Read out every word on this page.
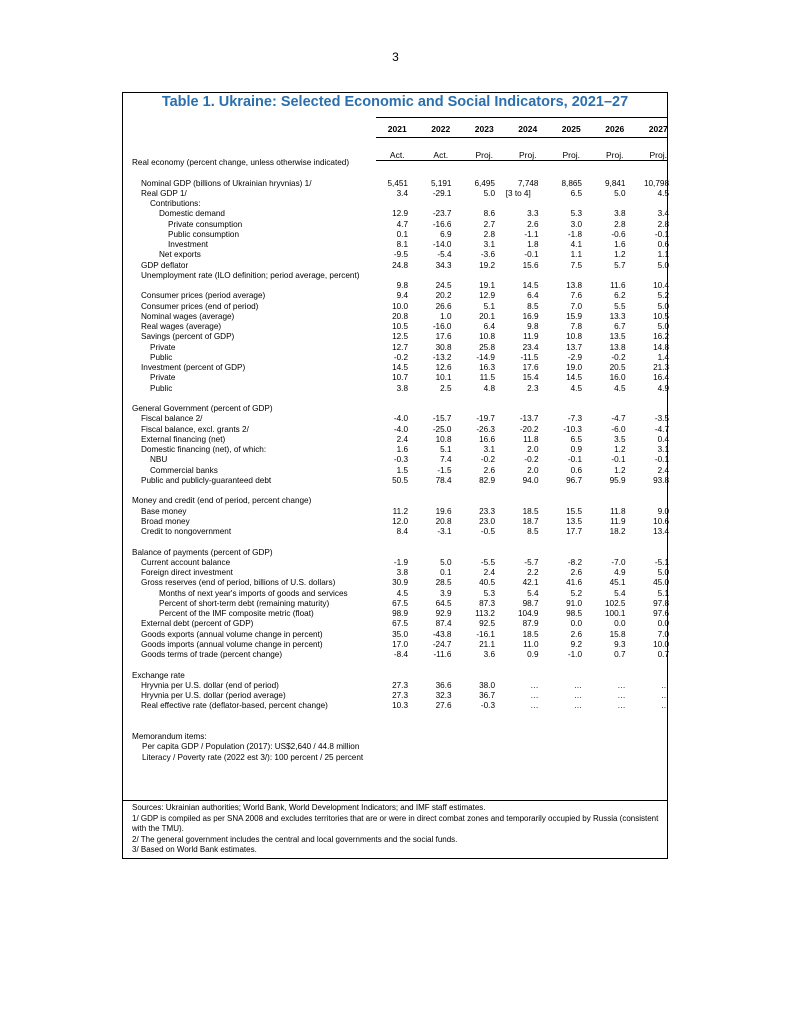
3
Table 1. Ukraine: Selected Economic and Social Indicators, 2021–27
2021	2022	2023	2024	2025	2026	2027
Act.	Act.	Proj.	Proj.	Proj.	Proj.	Proj.
Real economy (percent change, unless otherwise indicated)
Nominal GDP (billions of Ukrainian hryvnias) 1/	5,451	5,191	6,495	7,748	8,865	9,841	10,798
Real GDP 1/	3.4	-29.1	5.0	[3 to 4]	6.5	5.0	4.5
Contributions:
Domestic demand	12.9	-23.7	8.6	3.3	5.3	3.8	3.4
Private consumption	4.7	-16.6	2.7	2.6	3.0	2.8	2.8
Public consumption	0.1	6.9	2.8	-1.1	-1.8	-0.6	-0.1
Investment	8.1	-14.0	3.1	1.8	4.1	1.6	0.6
Net exports	-9.5	-5.4	-3.6	-0.1	1.1	1.2	1.1
GDP deflator	24.8	34.3	19.2	15.6	7.5	5.7	5.0
Unemployment rate (ILO definition; period average, percent)
9.8	24.5	19.1	14.5	13.8	11.6	10.4
Consumer prices (period average)	9.4	20.2	12.9	6.4	7.6	6.2	5.2
Consumer prices (end of period)	10.0	26.6	5.1	8.5	7.0	5.5	5.0
Nominal wages (average)	20.8	1.0	20.1	16.9	15.9	13.3	10.5
Real wages (average)	10.5	-16.0	6.4	9.8	7.8	6.7	5.0
Savings (percent of GDP)	12.5	17.6	10.8	11.9	10.8	13.5	16.2
Private	12.7	30.8	25.8	23.4	13.7	13.8	14.8
Public	-0.2	-13.2	-14.9	-11.5	-2.9	-0.2	1.4
Investment (percent of GDP)	14.5	12.6	16.3	17.6	19.0	20.5	21.3
Private	10.7	10.1	11.5	15.4	14.5	16.0	16.4
Public	3.8	2.5	4.8	2.3	4.5	4.5	4.9
General Government (percent of GDP)
Fiscal balance 2/	-4.0	-15.7	-19.7	-13.7	-7.3	-4.7	-3.5
Fiscal balance, excl. grants 2/	-4.0	-25.0	-26.3	-20.2	-10.3	-6.0	-4.7
External financing (net)	2.4	10.8	16.6	11.8	6.5	3.5	0.4
Domestic financing (net), of which:	1.6	5.1	3.1	2.0	0.9	1.2	3.1
NBU	-0.3	7.4	-0.2	-0.2	-0.1	-0.1	-0.1
Commercial banks	1.5	-1.5	2.6	2.0	0.6	1.2	2.4
Public and publicly-guaranteed debt	50.5	78.4	82.9	94.0	96.7	95.9	93.8
Money and credit (end of period, percent change)
Base money	11.2	19.6	23.3	18.5	15.5	11.8	9.0
Broad money	12.0	20.8	23.0	18.7	13.5	11.9	10.6
Credit to nongovernment	8.4	-3.1	-0.5	8.5	17.7	18.2	13.4
Balance of payments (percent of GDP)
Current account balance	-1.9	5.0	-5.5	-5.7	-8.2	-7.0	-5.1
Foreign direct investment	3.8	0.1	2.4	2.2	2.6	4.9	5.0
Gross reserves (end of period, billions of U.S. dollars)	30.9	28.5	40.5	42.1	41.6	45.1	45.0
Months of next year's imports of goods and services	4.5	3.9	5.3	5.4	5.2	5.4	5.1
Percent of short-term debt (remaining maturity)	67.5	64.5	87.3	98.7	91.0	102.5	97.8
Percent of the IMF composite metric (float)	98.9	92.9	113.2	104.9	98.5	100.1	97.6
External debt (percent of GDP)	67.5	87.4	92.5	87.9	0.0	0.0	0.0
Goods exports (annual volume change in percent)	35.0	-43.8	-16.1	18.5	2.6	15.8	7.0
Goods imports (annual volume change in percent)	17.0	-24.7	21.1	11.0	9.2	9.3	10.0
Goods terms of trade (percent change)	-8.4	-11.6	3.6	0.9	-1.0	0.7	0.7
Exchange rate
Hryvnia per U.S. dollar (end of period)	27.3	36.6	38.0	…	…	…	…
Hryvnia per U.S. dollar (period average)	27.3	32.3	36.7	…	…	…	…
Real effective rate (deflator-based, percent change)	10.3	27.6	-0.3	…	…	…	…
Memorandum items:
Per capita GDP / Population (2017): US$2,640 / 44.8 million
Literacy / Poverty rate (2022 est 3/): 100 percent / 25 percent
Sources: Ukrainian authorities; World Bank, World Development Indicators; and IMF staff estimates.
1/ GDP is compiled as per SNA 2008 and excludes territories that are or were in direct combat zones and temporarily occupied by Russia (consistent with the TMU).
2/ The general government includes the central and local governments and the social funds.
3/ Based on World Bank estimates.
